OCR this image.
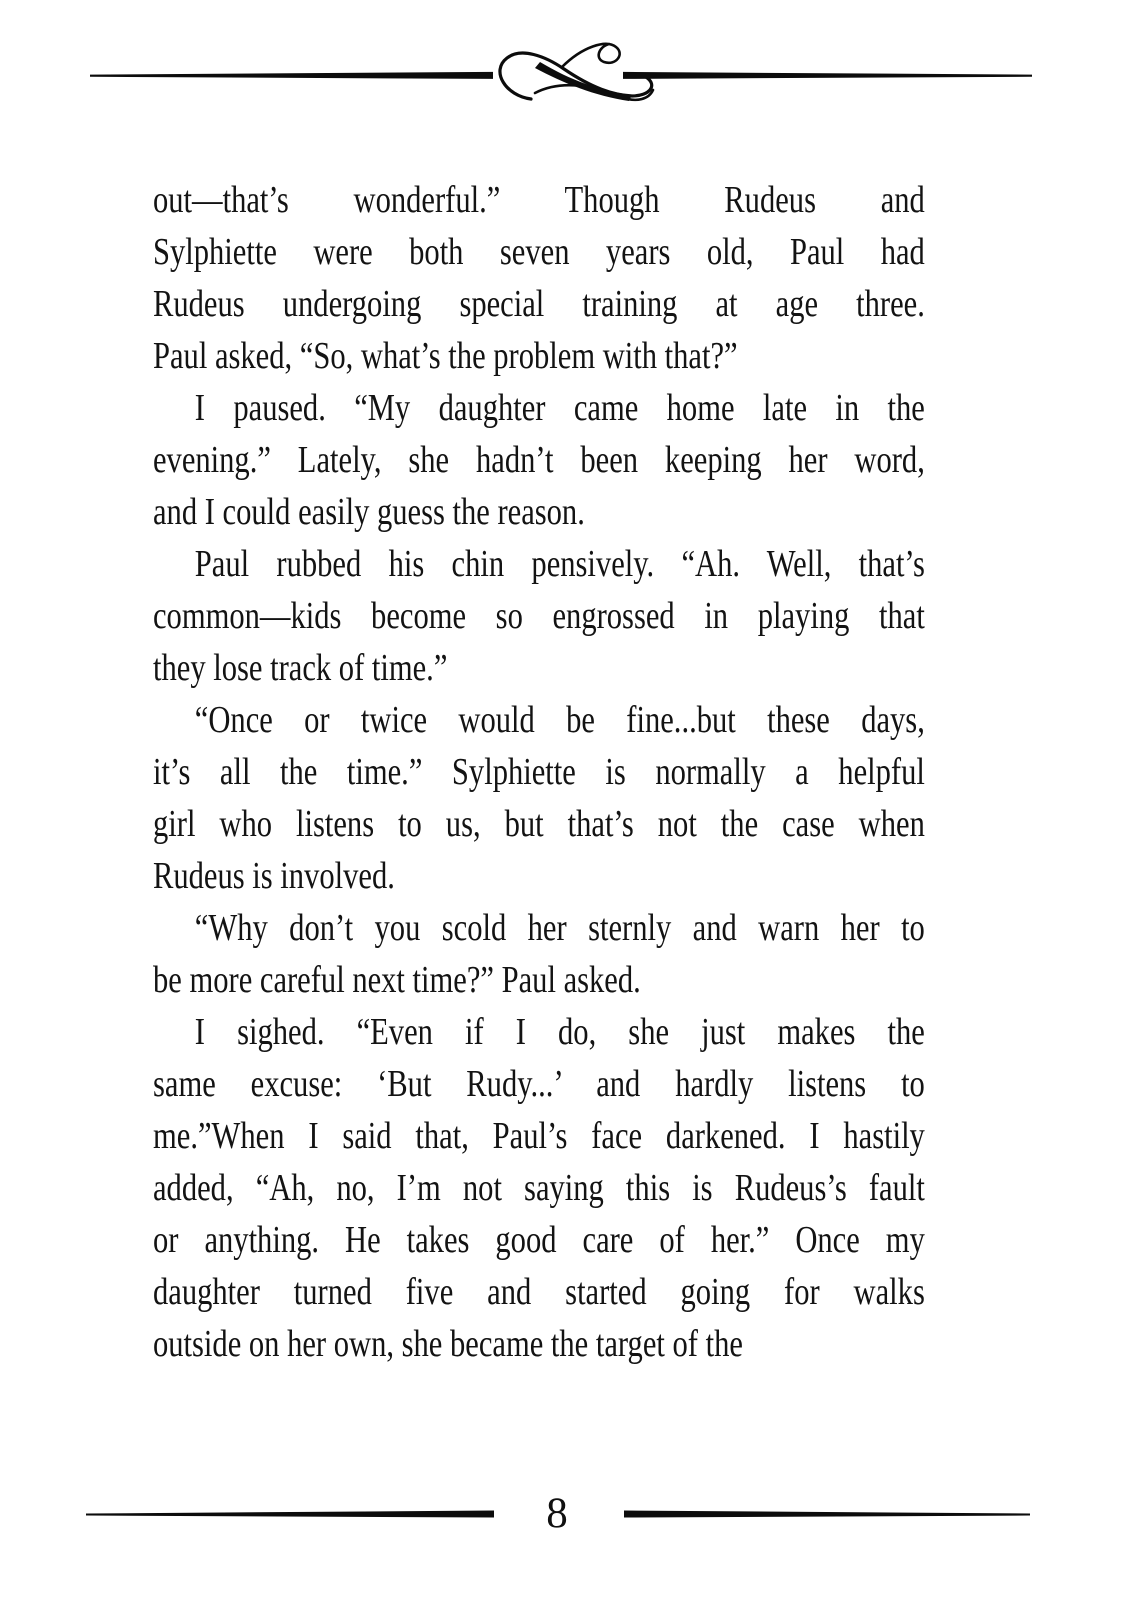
out—that’s wonderful.” Though Rudeus and
Sylphiette were both seven years old, Paul had
Rudeus undergoing special training at age three.
Paul asked, “So, what’s the problem with that?”
I paused. “My daughter came home late in the
evening.” Lately, she hadn’t been keeping her word,
and I could easily guess the reason.
Paul rubbed his chin pensively. “Ah. Well, that’s
common—kids become so engrossed in playing that
they lose track of time.”
“Once or twice would be fine...but these days,
it’s all the time.” Sylphiette is normally a helpful
girl who listens to us, but that’s not the case when
Rudeus is involved.
“Why don’t you scold her sternly and warn her to
be more careful next time?” Paul asked.
I sighed. “Even if I do, she just makes the
same excuse: ‘But Rudy...’ and hardly listens to
me.”When I said that, Paul’s face darkened. I hastily
added, “Ah, no, I’m not saying this is Rudeus’s fault
or anything. He takes good care of her.” Once my
daughter turned five and started going for walks
outside on her own, she became the target of the
8
